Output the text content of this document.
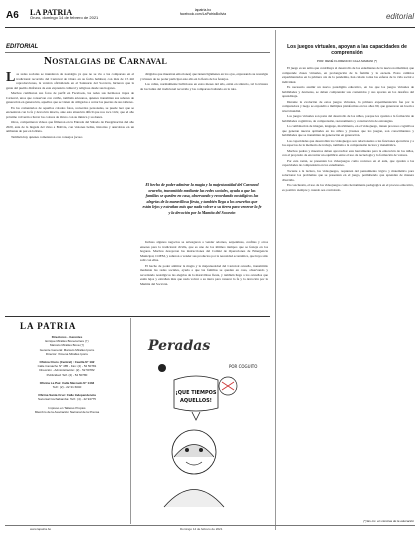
A6 LA PATRIA
Oruro, domingo 14 de febrero de 2021
lapatria.bo
facebook.com/LaPatriaBolivia	editorial
EDITORIAL
Nostalgias de Carnaval

Las redes sociales se inundaron de nostalgia ya que no se vio a las comparsas en el tradicional recorrido del Carnaval de Oruro en su fecha habitual, con más de 15 mil reproducciones, la versión oficializada en el Santuario del Socavón, hicieron que la gente del pueblo disfrutara de esta expresión cultural y religiosa desde sus hogares.

Muchos cambiaron sus fotos de perfil en Facebook, las redes sus hermosos trajes de Carnaval, unos que conservan con cariño, también artesanos, quienes transmiten sus saberes de generación en generación, aquellos que se visten de obligados a cerrar las puertas de sus talleres.

En los comentarios de aquellos colados fotos, recuerdos personales, se puede leer que se encuentran con la fe y devoción intacta, ante esta situación difícil que nos toca vivir, que el año próximo volverán a llevar los colores de Oruro con su música y su danza.

Otros, compartieron videos que filmaron en la Entrada del Sábado de Peregrinación del año 2020, ante de la llegada del virus a Bolivia, con visiones bellas, historias y anécdotas en un ambiente de paz en la Ruta.

También hay quienes comentaron con consejos (acaso

dirigidos que muestran emociones) que tienen ligámenes en los ojos, expresando su nostalgia y tristeza de no poder participar este año en la fiesta de los festejos.

Las calles, normalmente bulliciosas en estos meses del año, están en silencio, tal la tristeza de los bailes del tradicional recorrido y las comparsas bailando en la ruta.

El hecho de poder admirar la magia y la majestuosidad del Carnaval orureño, transmitido mediante las redes sociales, ayuda a que las familias se queden en casa, observando y recordando nostálgicos las alegrías de la maravillosa fiesta, y también llega a los orureños que están lejos y extrañan más que nada volver a su tierra para venerar la fe y la devoción por la Mamita del Socavón

Incluso algunos negocios se arriesgaron a vender adornos, serpentinas, confites y otros enseres para la tradicional ch'alla, que es uno de los últimos tiempos que se festeja en los hogares. Muchos desoyeron las instrucciones del Comité de Operaciones de Emergencia Municipal, COEM, y salieron a vender sus productos por la necesidad económica, que haya sido salir con ellas.

El hecho de poder admirar la magia y la majestuosidad del Carnaval orureño, transmitido mediante las redes sociales, ayuda a que las familias se queden en casa, observando y recordando nostálgicos las alegrías de la maravillosa fiesta, y también llega a los orureños que están lejos y extrañan más que nada volver a su tierra para venerar la fe y la devoción por la Mamita del Socavón.

LA PATRIA
Directores - Gerentes
Enrique Miralles Bonecarrere (†)
Marcelo Miralles Bova (†)
Gerente General: Marcelo Miralles Iporre
Director: Ximena Miralles Iporre
Oficina Oruro (Central) : Casilla N° 192
Calle Camacho N° 485 - Fax: (2) - 52 50781
Dirección - Administración: (2) - 52 50782
Publicidad: Telf. (2) - 52 50780
Oficina La Paz: Calle Mercado N° 1433
Telf.: (2) - 22 31 6040
Oficina Santa Cruz: Calle Independencia
Sucursal Cochabamba: Telf.: (4) - 42 94775
Impreso en Talleres Propios
Miembro de la Asociación Nacional de la Prensa
Peradas
¡QUE TIEMPOS
AQUELLOS!
POR COGUITO
Los juegos virtuales, apoyan a las capacidades de comprensión
POR: RENÉ FLORENCIO CALA MAMANI (*)

El juego es un arma que contribuye al desarrollo de los estudiantes de la nueva normalidad, que comprende clases virtuales, en prolongación de la familia y la escuela. Estos cambios experimentados en la primera ola de la pandemia, han calado todas las esferas de la vida social e individual.

Es necesario asumir un nuevo paradigma educativo, en los que los juegos virtuales de habilidades y destrezas, se deben comprender sus contenidos y sus aportes en los desafíos del aprendizaje.

Durante la evolución de estos juegos virtuales, la primera experimentación fue por la computadora y luego se expandió a múltiples plataformas en los años 90, que generaron un boom a nivel mundial.

Los juegos virtuales son parte del desarrollo de los niños, porque les ayudan a la formación de habilidades cognitivas, de comprensión, razonamiento y construcción de estrategias.

La combinación de imagen, lenguaje, movimiento, en el videojuego, tienen procesos cognitivos que generan nuevas aptitudes en los niños y jóvenes que los juegan, son conocimientos y habilidades que se transmiten de generación en generación.

Las capacidades que desarrollan los videojuegos son relacionados a las funciones ejecutivas y a los aspectos de la memoria de trabajo, también a la comprensión lectora y matemática.

Muchos padres y maestros deben aprovechar esta herramienta para la educación de los niños, con el propósito de encontrar un equilibrio entre el uso de tecnología y la formación de valores.

Por esta razón, se presentan los videojuegos como recursos en el aula, que ayudan a las capacidades de comprensión en los estudiantes.

Tocante a la lectura, los videojuegos, requieren del pensamiento lógico y matemático para solucionar los problemas que se presentan en el juego, permitiendo que aprendan de manera divertida.

En conclusión, el uso de los videojuegos como herramienta pedagógica en el proceso educativo, es positivo siempre y cuando sea controlado.

(*) Es Lic. en ciencias de la educación
www.lapatria.bo	Domingo 14 de febrero de 2021
